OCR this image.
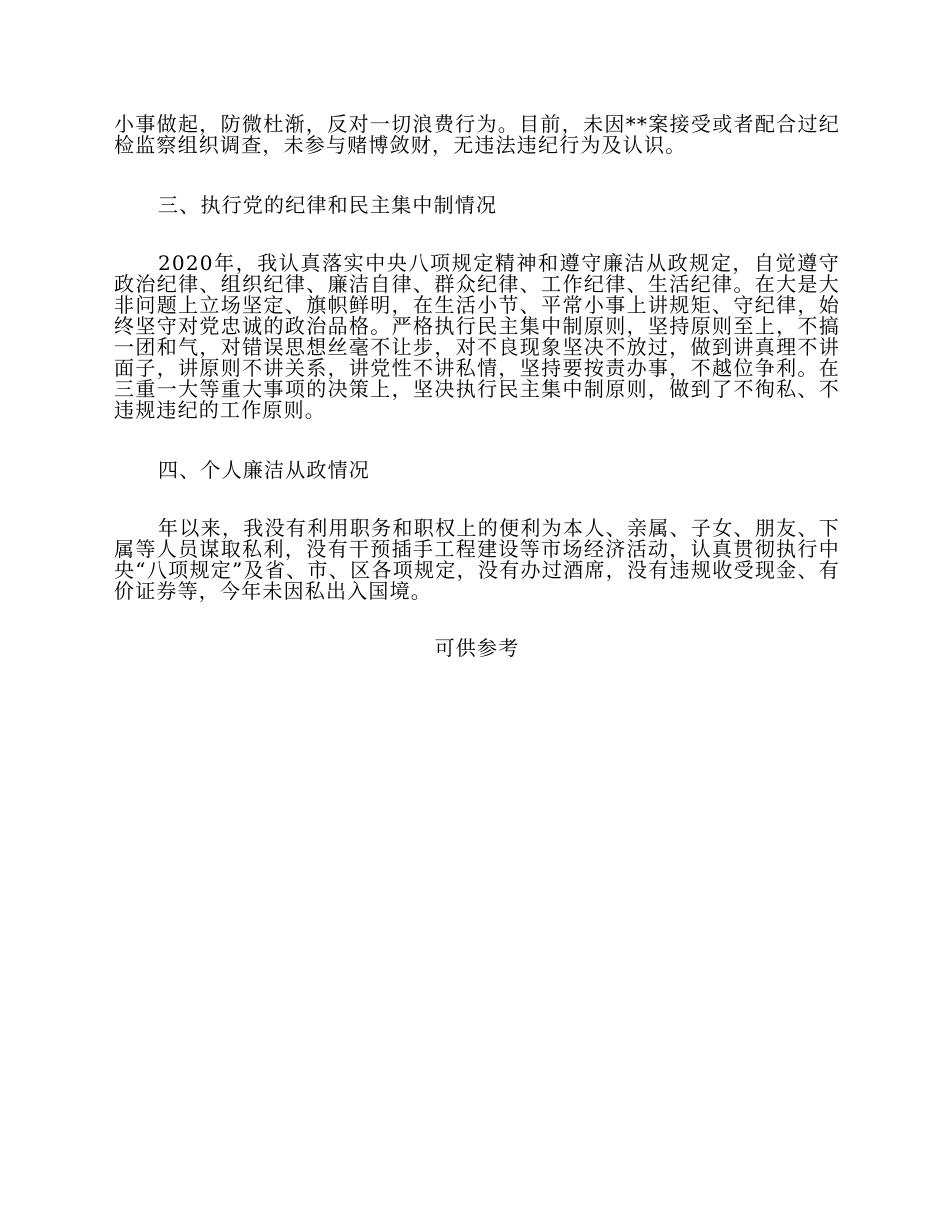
小事做起，防微杜渐，反对一切浪费行为。目前，未因**案接受或者配合过纪检监察组织调查，未参与赌博敛财，无违法违纪行为及认识。

三、执行党的纪律和民主集中制情况

2020年，我认真落实中央八项规定精神和遵守廉洁从政规定，自觉遵守政治纪律、组织纪律、廉洁自律、群众纪律、工作纪律、生活纪律。在大是大非问题上立场坚定、旗帜鲜明，在生活小节、平常小事上讲规矩、守纪律，始终坚守对党忠诚的政治品格。严格执行民主集中制原则，坚持原则至上，不搞一团和气，对错误思想丝毫不让步，对不良现象坚决不放过，做到讲真理不讲面子，讲原则不讲关系，讲党性不讲私情，坚持要按责办事，不越位争利。在三重一大等重大事项的决策上，坚决执行民主集中制原则，做到了不徇私、不违规违纪的工作原则。

四、个人廉洁从政情况

年以来，我没有利用职务和职权上的便利为本人、亲属、子女、朋友、下属等人员谋取私利，没有干预插手工程建设等市场经济活动，认真贯彻执行中央“八项规定”及省、市、区各项规定，没有办过酒席，没有违规收受现金、有价证券等，今年未因私出入国境。

可供参考
